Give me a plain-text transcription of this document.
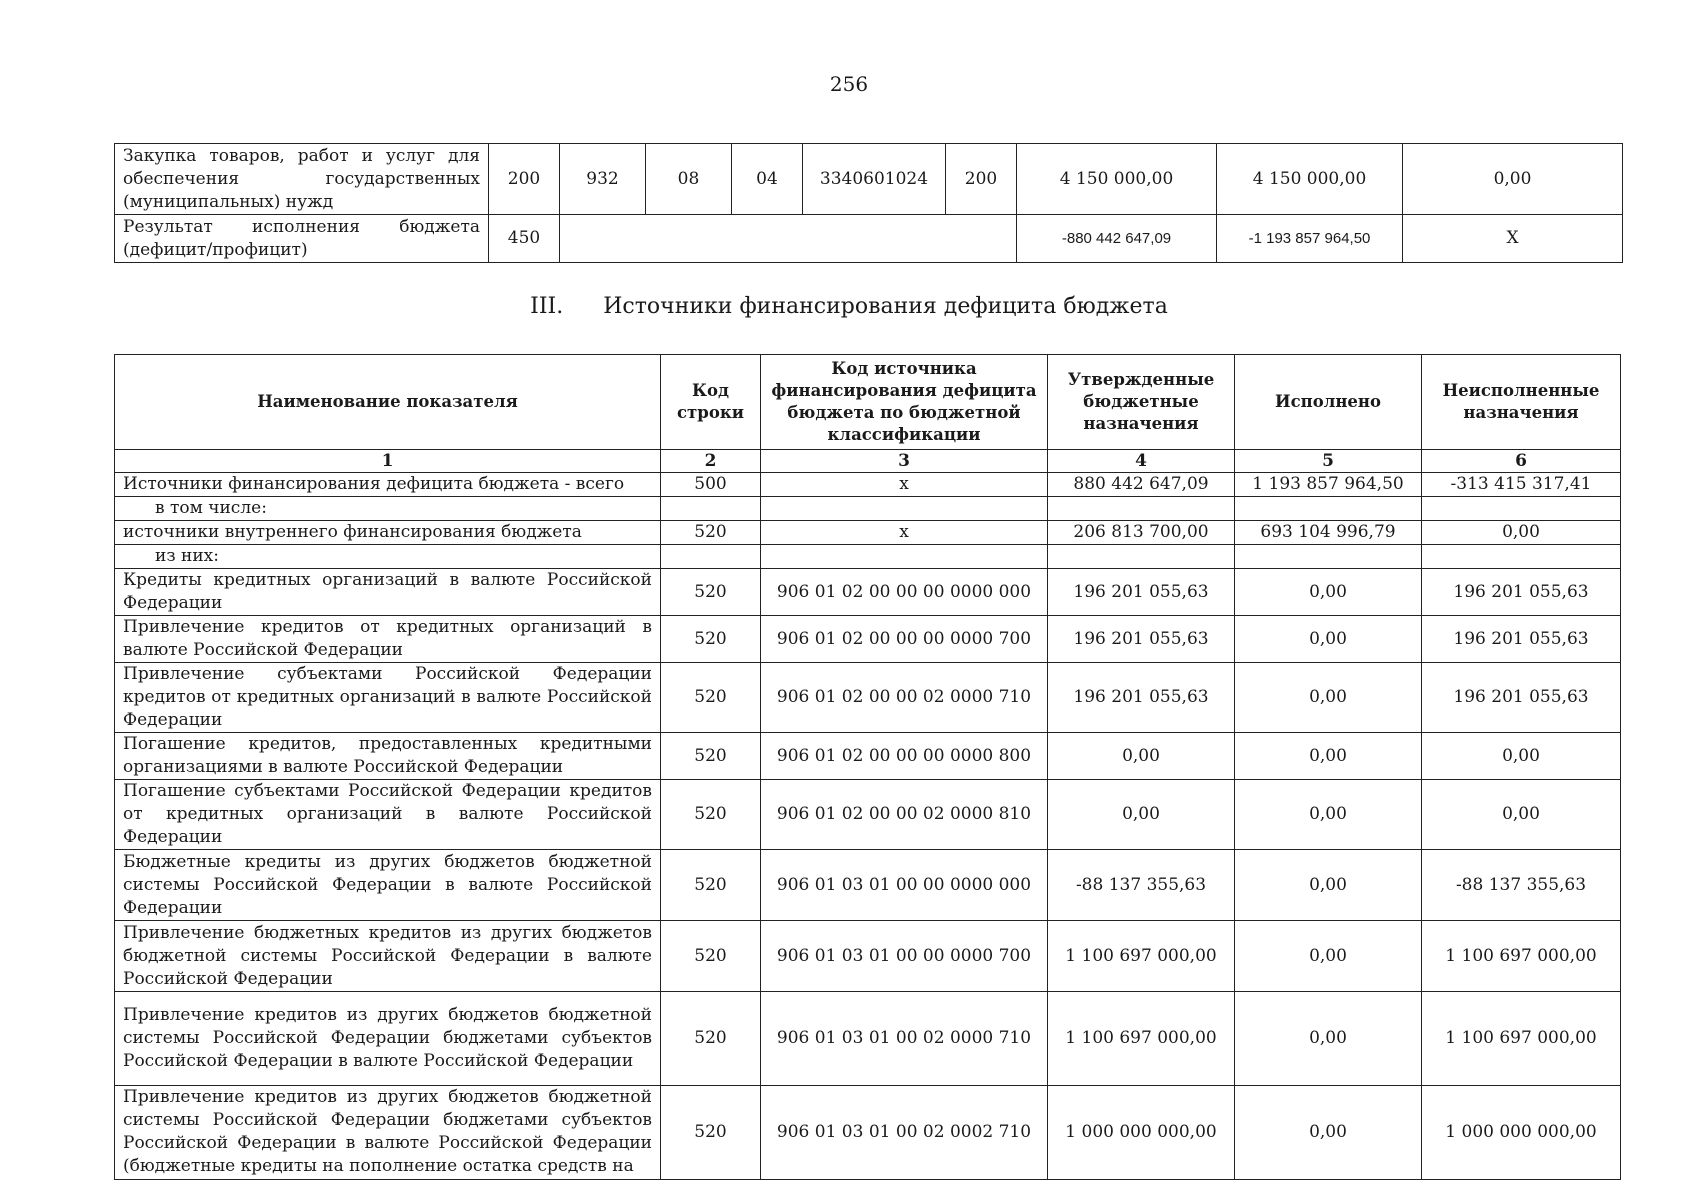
256
Закупка товаров, работ и услуг для обеспечения государственных (муниципальных) нужд	200	932	08	04	3340601024	200	4 150 000,00	4 150 000,00	0,00
Результат исполнения бюджета (дефицит/профицит)	450						-880 442 647,09	-1 193 857 964,50	X
III. Источники финансирования дефицита бюджета
Наименование показателя	Код строки	Код источника финансирования дефицита бюджета по бюджетной классификации	Утвержденные бюджетные назначения	Исполнено	Неисполненные назначения
1	2	3	4	5	6
Источники финансирования дефицита бюджета - всего	500	x	880 442 647,09	1 193 857 964,50	-313 415 317,41
в том числе:					
источники внутреннего финансирования бюджета	520	x	206 813 700,00	693 104 996,79	0,00
из них:					
Кредиты кредитных организаций в валюте Российской Федерации	520	906 01 02 00 00 00 0000 000	196 201 055,63	0,00	196 201 055,63
Привлечение кредитов от кредитных организаций в валюте Российской Федерации	520	906 01 02 00 00 00 0000 700	196 201 055,63	0,00	196 201 055,63
Привлечение субъектами Российской Федерации кредитов от кредитных организаций в валюте Российской Федерации	520	906 01 02 00 00 02 0000 710	196 201 055,63	0,00	196 201 055,63
Погашение кредитов, предоставленных кредитными организациями в валюте Российской Федерации	520	906 01 02 00 00 00 0000 800	0,00	0,00	0,00
Погашение субъектами Российской Федерации кредитов от кредитных организаций в валюте Российской Федерации	520	906 01 02 00 00 02 0000 810	0,00	0,00	0,00
Бюджетные кредиты из других бюджетов бюджетной системы Российской Федерации в валюте Российской Федерации	520	906 01 03 01 00 00 0000 000	-88 137 355,63	0,00	-88 137 355,63
Привлечение бюджетных кредитов из других бюджетов бюджетной системы Российской Федерации в валюте Российской Федерации	520	906 01 03 01 00 00 0000 700	1 100 697 000,00	0,00	1 100 697 000,00
Привлечение кредитов из других бюджетов бюджетной системы Российской Федерации бюджетами субъектов Российской Федерации в валюте Российской Федерации	520	906 01 03 01 00 02 0000 710	1 100 697 000,00	0,00	1 100 697 000,00
Привлечение кредитов из других бюджетов бюджетной системы Российской Федерации бюджетами субъектов Российской Федерации в валюте Российской Федерации (бюджетные кредиты на пополнение остатка средств на	520	906 01 03 01 00 02 0002 710	1 000 000 000,00	0,00	1 000 000 000,00
